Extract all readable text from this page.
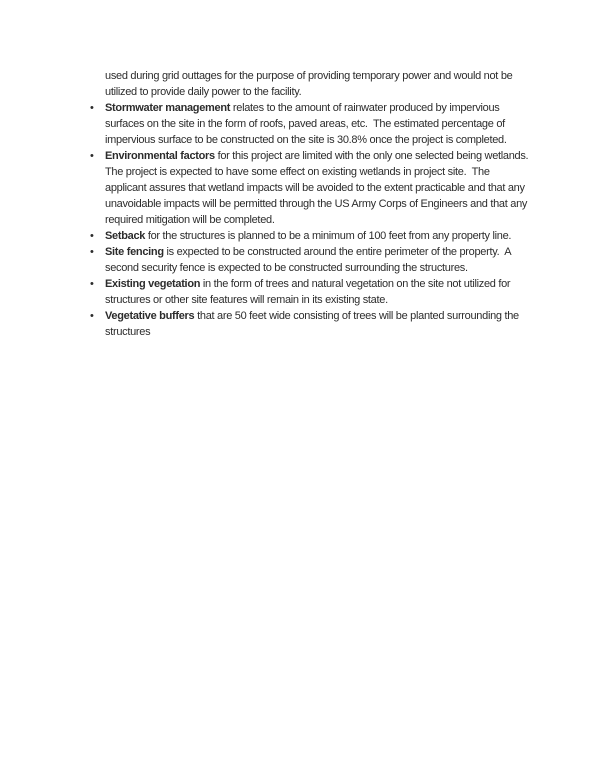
used during grid outtages for the purpose of providing temporary power and would not be utilized to provide daily power to the facility.

• Stormwater management relates to the amount of rainwater produced by impervious surfaces on the site in the form of roofs, paved areas, etc.  The estimated percentage of impervious surface to be constructed on the site is 30.8% once the project is completed.
• Environmental factors for this project are limited with the only one selected being wetlands.  The project is expected to have some effect on existing wetlands in project site.  The applicant assures that wetland impacts will be avoided to the extent practicable and that any unavoidable impacts will be permitted through the US Army Corps of Engineers and that any required mitigation will be completed.
• Setback for the structures is planned to be a minimum of 100 feet from any property line.
• Site fencing is expected to be constructed around the entire perimeter of the property.  A second security fence is expected to be constructed surrounding the structures.
• Existing vegetation in the form of trees and natural vegetation on the site not utilized for structures or other site features will remain in its existing state.
• Vegetative buffers that are 50 feet wide consisting of trees will be planted surrounding the structures
